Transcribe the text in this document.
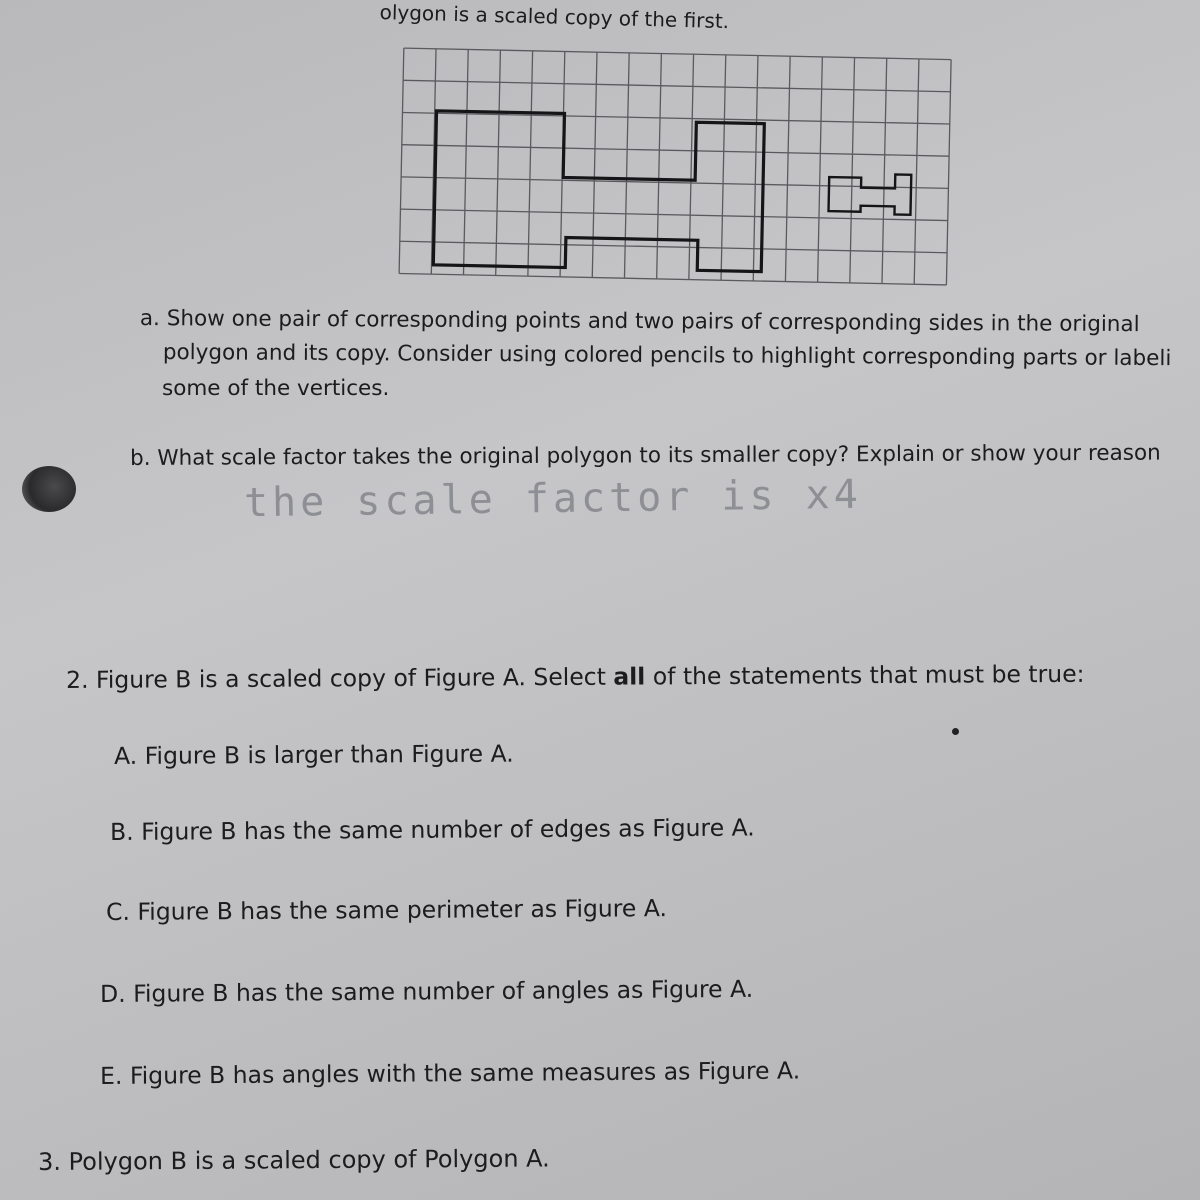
olygon is a scaled copy of the first.
a. Show one pair of corresponding points and two pairs of corresponding sides in the original
polygon and its copy. Consider using colored pencils to highlight corresponding parts or labeli
some of the vertices.
b. What scale factor takes the original polygon to its smaller copy? Explain or show your reason
the scale factor is x4
2. Figure B is a scaled copy of Figure A. Select all of the statements that must be true:
A. Figure B is larger than Figure A.
B. Figure B has the same number of edges as Figure A.
C. Figure B has the same perimeter as Figure A.
D. Figure B has the same number of angles as Figure A.
E. Figure B has angles with the same measures as Figure A.
3. Polygon B is a scaled copy of Polygon A.
